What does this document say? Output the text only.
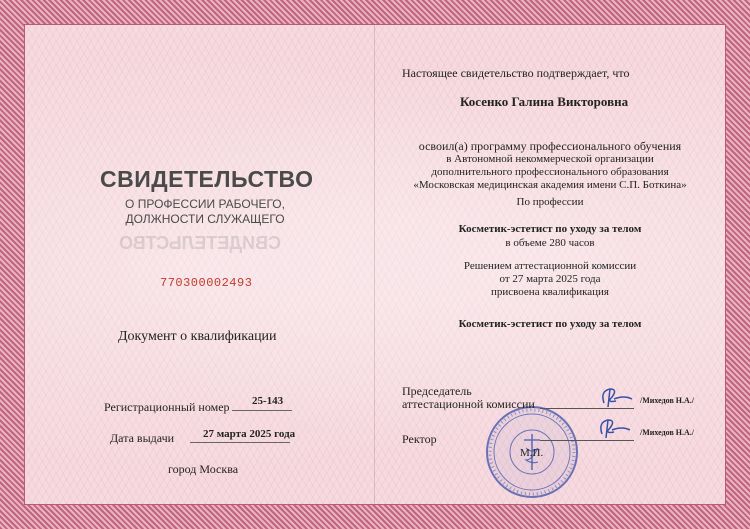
СВИДЕТЕЛЬСТВО
О ПРОФЕССИИ РАБОЧЕГО,
ДОЛЖНОСТИ СЛУЖАЩЕГО
СВИДЕТЕЛЬСТВО
770300002493
Документ о квалификации
Регистрационный номер 25-143
Дата выдачи	27 марта 2025 года
город Москва
Настоящее свидетельство подтверждает, что
Косенко Галина Викторовна
освоил(а) программу профессионального обучения
в Автономной некоммерческой организации
дополнительного профессионального образования
«Московская медицинская академия имени С.П. Боткина»
По профессии
Косметик-эстетист по уходу за телом
в объеме 280 часов
Решением аттестационной комиссии
от 27 марта 2025 года
присвоена квалификация
Косметик-эстетист по уходу за телом
Председатель
аттестационной комиссии	/Михедов Н.А./
Ректор	/Михедов Н.А./
М.П.
